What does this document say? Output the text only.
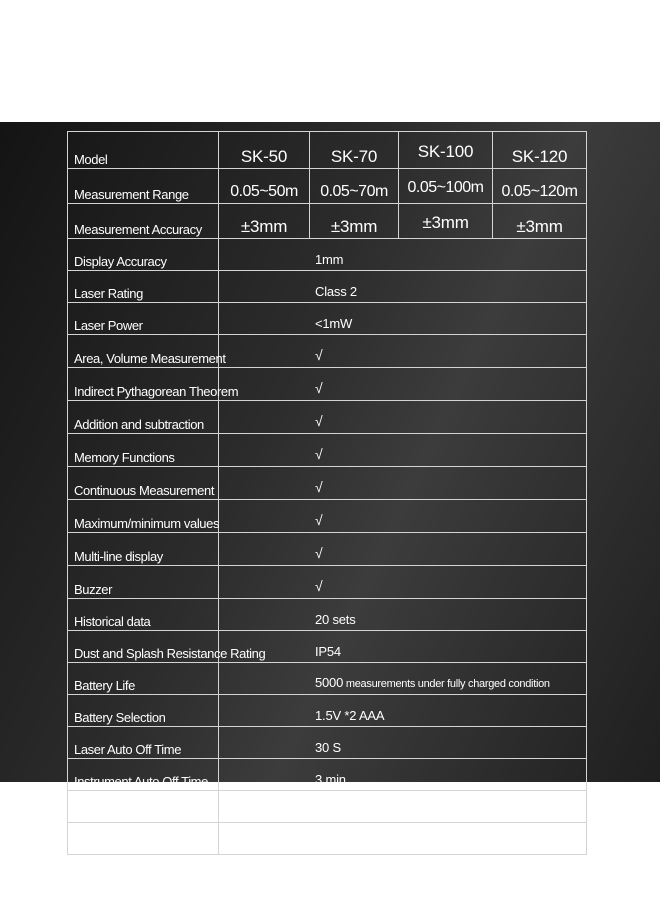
Model	SK-50	SK-70	SK-100	SK-120
Measurement Range	0.05~50m	0.05~70m	0.05~100m	0.05~120m
Measurement Accuracy	±3mm	±3mm	±3mm	±3mm
Display Accuracy	1mm			
Laser Rating	Class 2			
Laser Power	<1mW			
Area, Volume Measurement	√			
Indirect Pythagorean Theorem	√			
Addition and subtraction	√			
Memory Functions	√			
Continuous Measurement	√			
Maximum/minimum values	√			
Multi-line display	√			
Buzzer	√			
Historical data	20 sets			
Dust and Splash Resistance Rating	IP54			
Battery Life	5000 measurements under fully charged condition			
Battery Selection	1.5V *2 AAA			
Laser Auto Off Time	30 S			
Instrument Auto Off Time	3 min			
Weight	95g			
Dimension	110*46*25mm			
